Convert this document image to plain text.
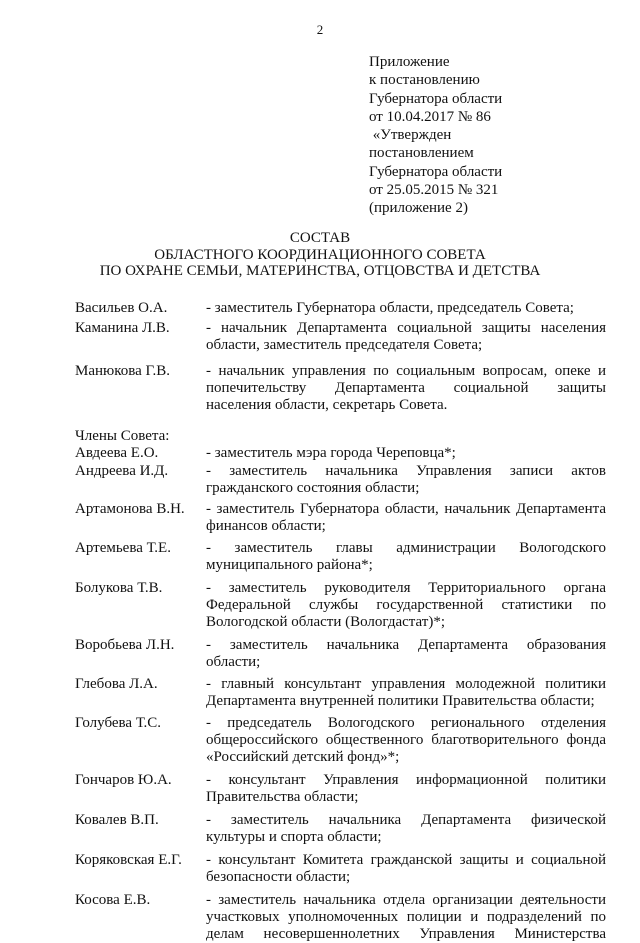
2
Приложение
к постановлению
Губернатора области
от 10.04.2017 № 86
«Утвержден
постановлением
Губернатора области
от 25.05.2015 № 321
(приложение 2)
СОСТАВ
ОБЛАСТНОГО КООРДИНАЦИОННОГО СОВЕТА
ПО ОХРАНЕ СЕМЬИ, МАТЕРИНСТВА, ОТЦОВСТВА И ДЕТСТВА
Васильев О.А.	- заместитель Губернатора области, председатель Совета;
Каманина Л.В.	- начальник Департамента социальной защиты населения
области, заместитель председателя Совета;
Манюкова Г.В.	- начальник управления по социальным вопросам, опеке и
попечительству Департамента социальной защиты
населения области, секретарь Совета.
Члены Совета:
Авдеева Е.О.	- заместитель мэра города Череповца*;
Андреева И.Д.	- заместитель начальника Управления записи актов
гражданского состояния области;
Артамонова В.Н.	- заместитель Губернатора области, начальник Департамента
финансов области;
Артемьева Т.Е.	- заместитель главы администрации Вологодского
муниципального района*;
Болукова Т.В.	- заместитель руководителя Территориального органа
Федеральной службы государственной статистики по
Вологодской области (Вологдастат)*;
Воробьева Л.Н.	- заместитель начальника Департамента образования
области;
Глебова Л.А.	- главный консультант управления молодежной политики
Департамента внутренней политики Правительства области;
Голубева Т.С.	- председатель Вологодского регионального отделения
общероссийского общественного благотворительного фонда
«Российский детский фонд»*;
Гончаров Ю.А.	- консультант Управления информационной политики
Правительства области;
Ковалев В.П.	- заместитель начальника Департамента физической
культуры и спорта области;
Коряковская Е.Г.	- консультант Комитета гражданской защиты и социальной
безопасности области;
Косова Е.В.	- заместитель начальника отдела организации деятельности
участковых уполномоченных полиции и подразделений по
делам несовершеннолетних Управления Министерства
